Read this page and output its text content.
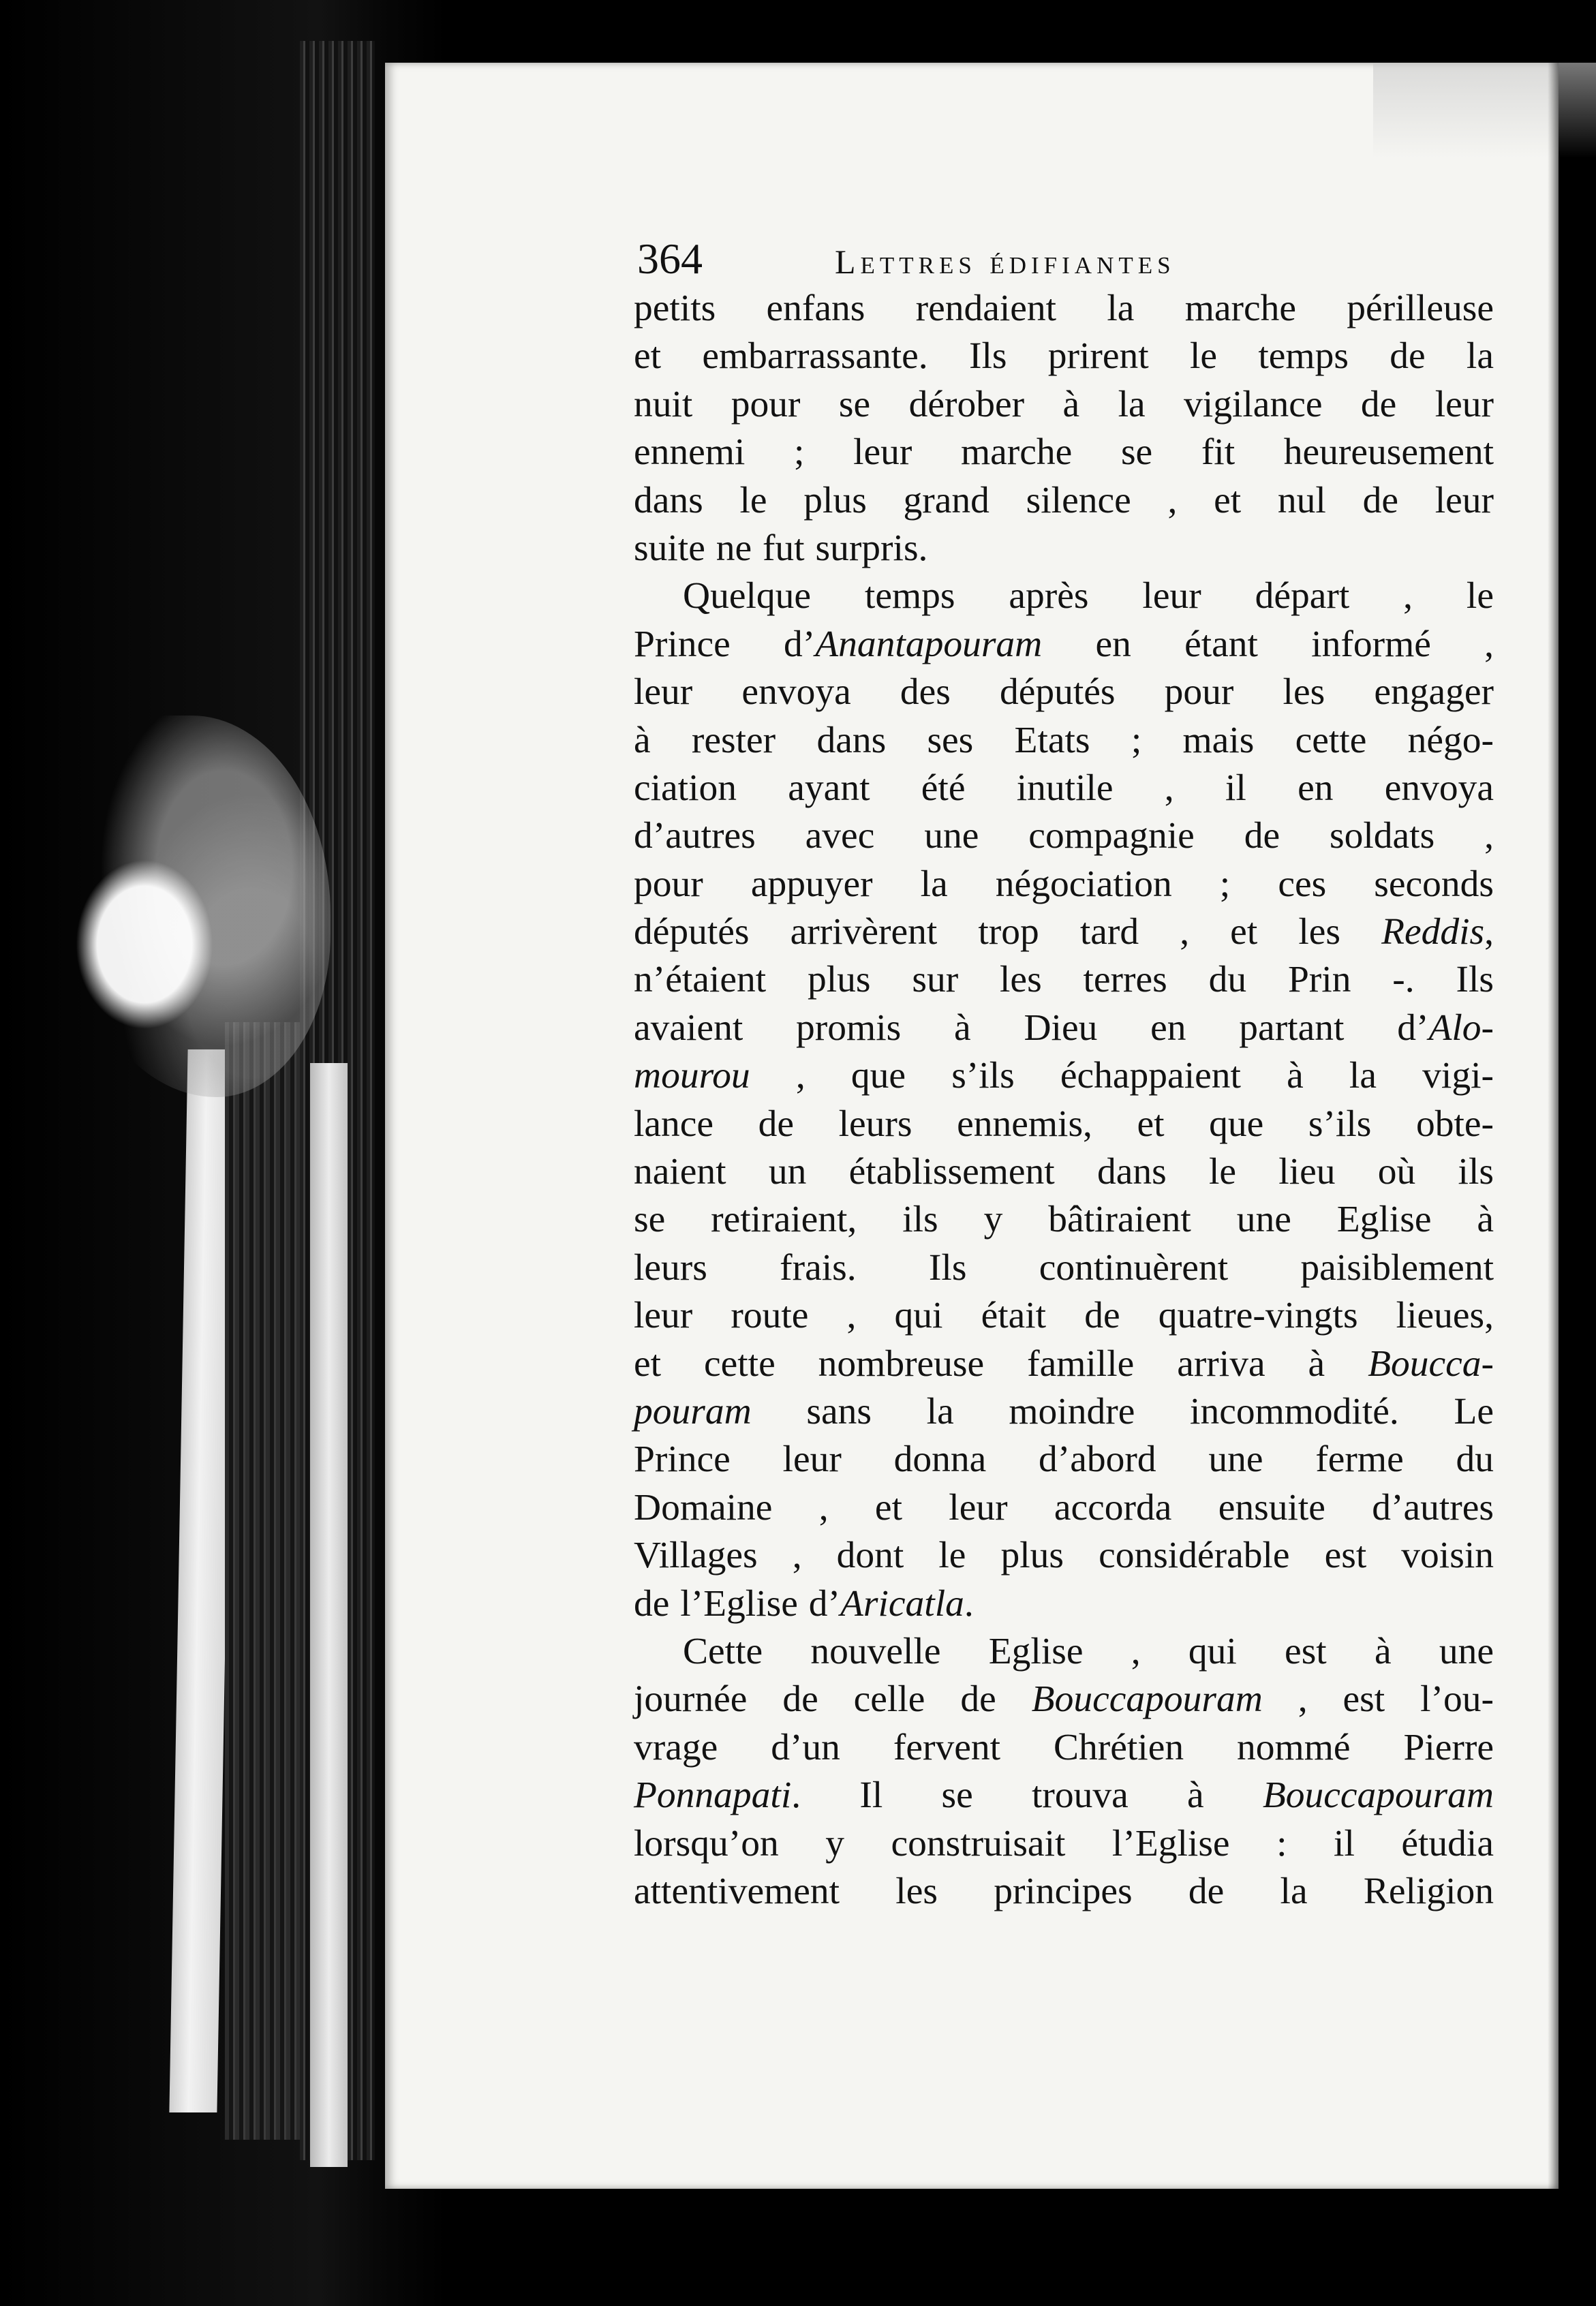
364	Lettres édifiantes
petits enfans rendaient la marche périlleuse
et embarrassante. Ils prirent le temps de la
nuit pour se dérober à la vigilance de leur
ennemi ; leur marche se fit heureusement
dans le plus grand silence , et nul de leur
suite ne fut surpris.
Quelque temps après leur départ , le
Prince d’Anantapouram en étant informé ,
leur envoya des députés pour les engager
à rester dans ses Etats ; mais cette négo-
ciation ayant été inutile , il en envoya
d’autres avec une compagnie de soldats ,
pour appuyer la négociation ; ces seconds
députés arrivèrent trop tard , et les Reddis,
n’étaient plus sur les terres du Prin -. Ils
avaient promis à Dieu en partant d’Alo-
mourou , que s’ils échappaient à la vigi-
lance de leurs ennemis, et que s’ils obte-
naient un établissement dans le lieu où ils
se retiraient, ils y bâtiraient une Eglise à
leurs frais. Ils continuèrent paisiblement
leur route , qui était de quatre-vingts lieues,
et cette nombreuse famille arriva à Boucca-
pouram sans la moindre incommodité. Le
Prince leur donna d’abord une ferme du
Domaine , et leur accorda ensuite d’autres
Villages , dont le plus considérable est voisin
de l’Eglise d’Aricatla.
Cette nouvelle Eglise , qui est à une
journée de celle de Bouccapouram , est l’ou-
vrage d’un fervent Chrétien nommé Pierre
Ponnapati. Il se trouva à Bouccapouram
lorsqu’on y construisait l’Eglise : il étudia
attentivement les principes de la Religion
